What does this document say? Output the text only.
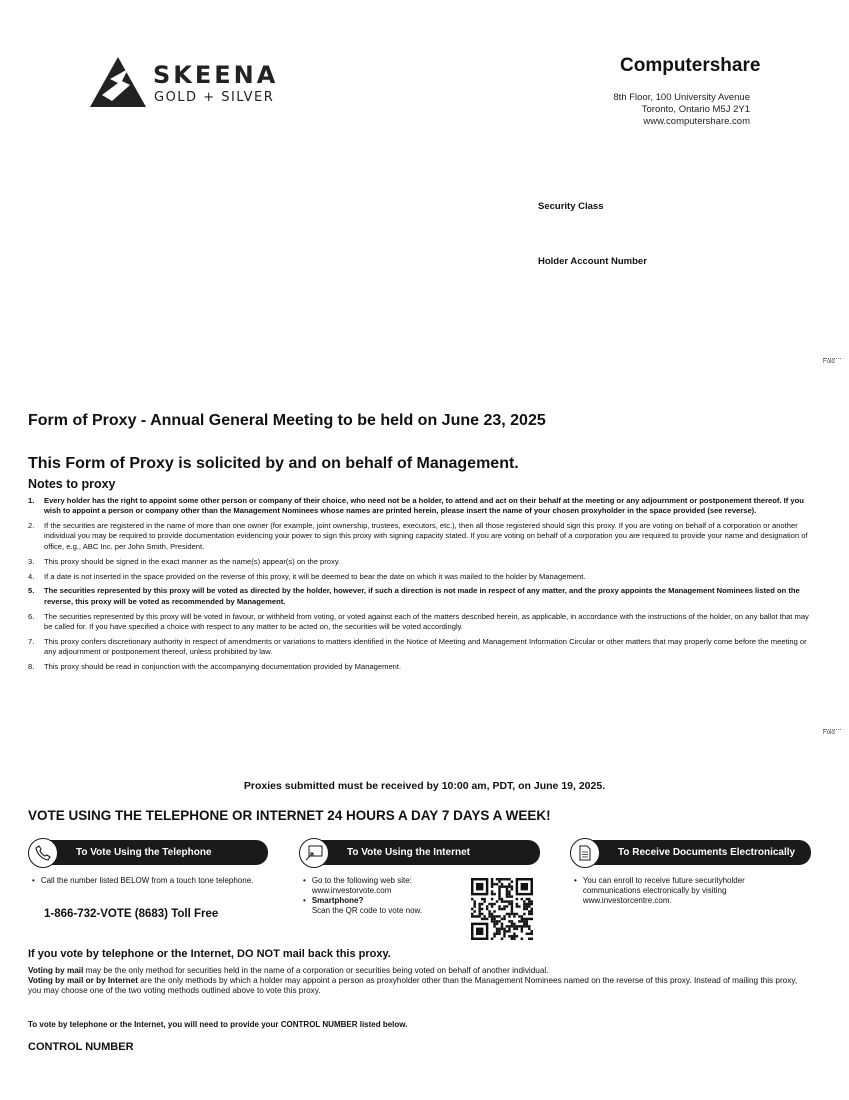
SKEENA
GOLD + SILVER
Computershare
8th Floor, 100 University Avenue
Toronto, Ontario M5J 2Y1
www.computershare.com
Security Class
Holder Account Number
Fold
Fold
Form of Proxy - Annual General Meeting to be held on June 23, 2025
This Form of Proxy is solicited by and on behalf of Management.
Notes to proxy
1. Every holder has the right to appoint some other person or company of their choice, who need not be a holder, to attend and act on their behalf at the meeting or any adjournment or postponement thereof. If you wish to appoint a person or company other than the Management Nominees whose names are printed herein, please insert the name of your chosen proxyholder in the space provided (see reverse).
2. If the securities are registered in the name of more than one owner (for example, joint ownership, trustees, executors, etc.), then all those registered should sign this proxy. If you are voting on behalf of a corporation or another individual you may be required to provide documentation evidencing your power to sign this proxy with signing capacity stated. If you are voting on behalf of a corporation you are required to provide your name and designation of office, e.g., ABC Inc. per John Smith, President.
3. This proxy should be signed in the exact manner as the name(s) appear(s) on the proxy.
4. If a date is not inserted in the space provided on the reverse of this proxy, it will be deemed to bear the date on which it was mailed to the holder by Management.
5. The securities represented by this proxy will be voted as directed by the holder, however, if such a direction is not made in respect of any matter, and the proxy appoints the Management Nominees listed on the reverse, this proxy will be voted as recommended by Management.
6. The securities represented by this proxy will be voted in favour, or withheld from voting, or voted against each of the matters described herein, as applicable, in accordance with the instructions of the holder, on any ballot that may be called for. If you have specified a choice with respect to any matter to be acted on, the securities will be voted accordingly.
7. This proxy confers discretionary authority in respect of amendments or variations to matters identified in the Notice of Meeting and Management Information Circular or other matters that may properly come before the meeting or any adjournment or postponement thereof, unless prohibited by law.
8. This proxy should be read in conjunction with the accompanying documentation provided by Management.
Proxies submitted must be received by 10:00 am, PDT, on June 19, 2025.
VOTE USING THE TELEPHONE OR INTERNET 24 HOURS A DAY 7 DAYS A WEEK!
To Vote Using the Telephone
• Call the number listed BELOW from a touch tone telephone.
1-866-732-VOTE (8683) Toll Free
To Vote Using the Internet
• Go to the following web site: www.investorvote.com
• Smartphone?
Scan the QR code to vote now.
To Receive Documents Electronically
• You can enroll to receive future securityholder communications electronically by visiting www.investorcentre.com.
If you vote by telephone or the Internet, DO NOT mail back this proxy.
Voting by mail may be the only method for securities held in the name of a corporation or securities being voted on behalf of another individual.
Voting by mail or by Internet are the only methods by which a holder may appoint a person as proxyholder other than the Management Nominees named on the reverse of this proxy. Instead of mailing this proxy, you may choose one of the two voting methods outlined above to vote this proxy.
To vote by telephone or the Internet, you will need to provide your CONTROL NUMBER listed below.
CONTROL NUMBER
